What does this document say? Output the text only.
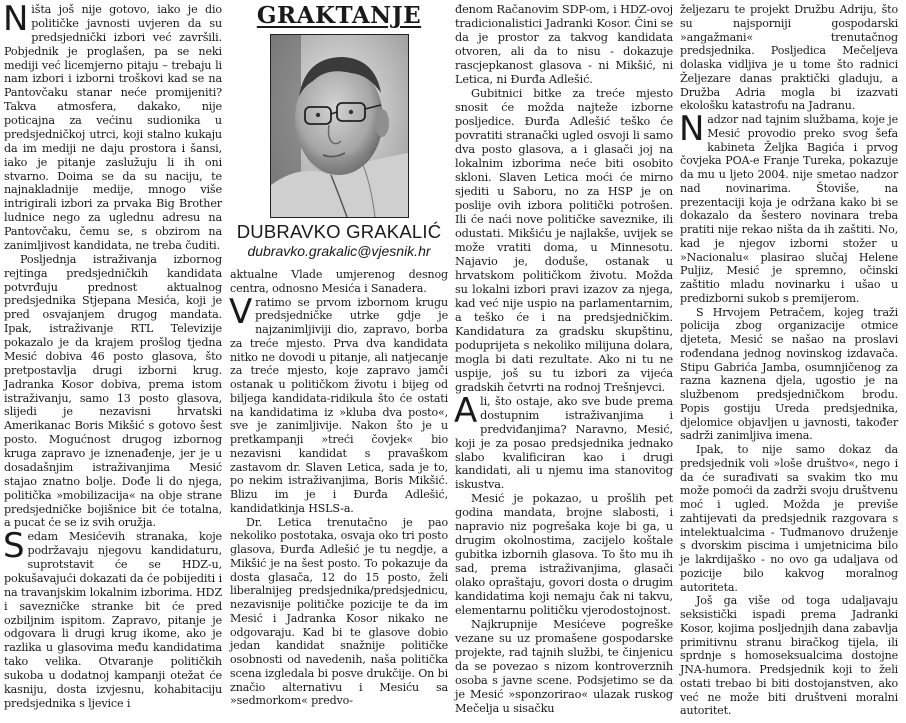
GRAKTANJE
DUBRAVKO GRAKALIĆ
dubravko.grakalic@vjesnik.hr

Ništa još nije gotovo, iako je dio političke javnosti uvjeren da su predsjednički izbori već završili. Pobjednik je proglašen, pa se neki mediji već licemjerno pitaju – trebaju li nam izbori i izborni troškovi kad se na Pantovčaku stanar neće promijeniti? Takva atmosfera, dakako, nije poticajna za većinu sudionika u predsjedničkoj utrci, koji stalno kukaju da im mediji ne daju prostora i šansi, iako je pitanje zaslužuju li ih oni stvarno. Doima se da su naciju, te najnakladnije medije, mnogo više intrigirali izbori za prvaka Big Brother ludnice nego za uglednu adresu na Pantovčaku, čemu se, s obzirom na zanimljivost kandidata, ne treba čuditi.

Posljednja istraživanja izbornog rejtinga predsjedničkih kandidata potvrđuju prednost aktualnog predsjednika Stjepana Mesića, koji je pred osvajanjem drugog mandata. Ipak, istraživanje RTL Televizije pokazalo je da krajem prošlog tjedna Mesić dobiva 46 posto glasova, što pretpostavlja drugi izborni krug. Jadranka Kosor dobiva, prema istom istraživanju, samo 13 posto glasova, slijedi je nezavisni hrvatski Amerikanac Boris Mikšić s gotovo šest posto. Mogućnost drugog izbornog kruga zapravo je iznenađenje, jer je u dosadašnjim istraživanjima Mesić stajao znatno bolje. Dođe li do njega, politička »mobilizacija« na obje strane predsjedničke bojišnice bit će totalna, a pucat će se iz svih oružja.

Sedam Mesićevih stranaka, koje podržavaju njegovu kandidaturu, suprotstavit će se HDZ-u, pokušavajući dokazati da će pobijediti i na travanjskim lokalnim izborima. HDZ i savezničke stranke bit će pred ozbiljnim ispitom. Zapravo, pitanje je odgovara li drugi krug ikome, ako je razlika u glasovima među kandidatima tako velika. Otvaranje političkih sukoba u dodatnoj kampanji otežat će kasniju, dosta izvjesnu, kohabitaciju predsjednika s ljevice i

aktualne Vlade umjerenog desnog centra, odnosno Mesića i Sanadera.

Vratimo se prvom izbornom krugu predsjedničke utrke gdje je najzanimljiviji dio, zapravo, borba za treće mjesto. Prva dva kandidata nitko ne dovodi u pitanje, ali natjecanje za treće mjesto, koje zapravo jamči ostanak u političkom životu i bijeg od biljega kandidata-ridikula što će ostati na kandidatima iz »kluba dva posto«, sve je zanimljivije. Nakon što je u pretkampanji »treći čovjek« bio nezavisni kandidat s pravaškom zastavom dr. Slaven Letica, sada je to, po nekim istraživanjima, Boris Mikšić. Blizu im je i Đurđa Adlešić, kandidatkinja HSLS-a.

Dr. Letica trenutačno je pao nekoliko postotaka, osvaja oko tri posto glasova, Đurđa Adlešić je tu negdje, a Mikšić je na šest posto. To pokazuje da dosta glasača, 12 do 15 posto, želi liberalnijeg predsjednika/predsjednicu, nezavisnije političke pozicije te da im Mesić i Jadranka Kosor nikako ne odgovaraju. Kad bi te glasove dobio jedan kandidat snažnije političke osobnosti od navedenih, naša politička scena izgledala bi posve drukčije. On bi značio alternativu i Mesiću sa »sedmorkom« predvo-

đenom Račanovim SDP-om, i HDZ-ovoj tradicionalistici Jadranki Kosor. Čini se da je prostor za takvog kandidata otvoren, ali da to nisu - dokazuje rascjepkanost glasova - ni Mikšić, ni Letica, ni Đurđa Adlešić.

Gubitnici bitke za treće mjesto snosit će možda najteže izborne posljedice. Đurđa Adlešić teško će povratiti stranački ugled osvoji li samo dva posto glasova, a i glasači joj na lokalnim izborima neće biti osobito skloni. Slaven Letica moći će mirno sjediti u Saboru, no za HSP je on poslije ovih izbora politički potrošen. Ili će naći nove političke saveznike, ili odustati. Mikšiću je najlakše, uvijek se može vratiti doma, u Minnesotu. Najavio je, doduše, ostanak u hrvatskom političkom životu. Možda su lokalni izbori pravi izazov za njega, kad već nije uspio na parlamentarnim, a teško će i na predsjedničkim. Kandidatura za gradsku skupštinu, poduprijeta s nekoliko milijuna dolara, mogla bi dati rezultate. Ako ni tu ne uspije, još su tu izbori za vijeća gradskih četvrti na rodnoj Trešnjevci.

Ali, što ostaje, ako sve bude prema dostupnim istraživanjima i predviđanjima? Naravno, Mesić, koji je za posao predsjednika jednako slabo kvalificiran kao i drugi kandidati, ali u njemu ima stanovitog iskustva.

Mesić je pokazao, u prošlih pet godina mandata, brojne slabosti, i napravio niz pogrešaka koje bi ga, u drugim okolnostima, zacijelo koštale gubitka izbornih glasova. To što mu ih sad, prema istraživanjima, glasači olako opraštaju, govori dosta o drugim kandidatima koji nemaju čak ni takvu, elementarnu političku vjerodostojnost.

Najkrupnije Mesićeve pogreške vezane su uz promašene gospodarske projekte, rad tajnih službi, te činjenicu da se povezao s nizom kontroverznih osoba s javne scene. Podsjetimo se da je Mesić »sponzorirao« ulazak ruskog Mečelja u sisačku

željezaru te projekt Družbu Adriju, što su najsporniji gospodarski »angažmani« trenutačnog predsjednika. Posljedica Mečeljeva dolaska vidljiva je u tome što radnici Željezare danas praktički gladuju, a Družba Adria mogla bi izazvati ekološku katastrofu na Jadranu.

Nadzor nad tajnim službama, koje je Mesić provodio preko svog šefa kabineta Željka Bagića i prvog čovjeka POA-e Franje Tureka, pokazuje da mu u ljeto 2004. nije smetao nadzor nad novinarima. Štoviše, na prezentaciji koja je održana kako bi se dokazalo da šestero novinara treba pratiti nije rekao ništa da ih zaštiti. No, kad je njegov izborni stožer u »Nacionalu« plasirao slučaj Helene Puljiz, Mesić je spremno, očinski zaštitio mladu novinarku i ušao u predizborni sukob s premijerom.

S Hrvojem Petračem, kojeg traži policija zbog organizacije otmice djeteta, Mesić se našao na proslavi rođendana jednog novinskog izdavača. Stipu Gabrića Jamba, osumnjičenog za razna kaznena djela, ugostio je na službenom predsjedničkom brodu. Popis gostiju Ureda predsjednika, djelomice objavljen u javnosti, također sadrži zanimljiva imena.

Ipak, to nije samo dokaz da predsjednik voli »loše društvo«, nego i da će surađivati sa svakim tko mu može pomoći da zadrži svoju društvenu moć i ugled. Možda je previše zahtijevati da predsjednik razgovara s intelektualcima - Tuđmanovo druženje s dvorskim piscima i umjetnicima bilo je lakrdijaško - no ovo ga udaljava od pozicije bilo kakvog moralnog autoriteta.

Još ga više od toga udaljavaju seksistički ispadi prema Jadranki Kosor, kojima posljednjih dana zabavlja primitivnu stranu biračkog tijela, ili sprdnje s homoseksualcima dostojne JNA-humora. Predsjednik koji to želi ostati trebao bi biti dostojanstven, ako već ne može biti društveni moralni autoritet.
